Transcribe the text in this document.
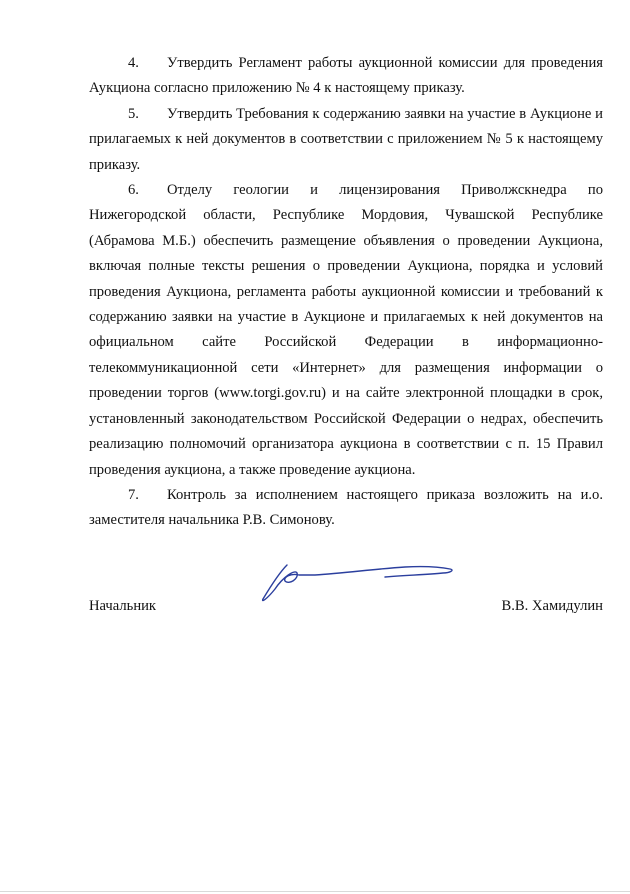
4. Утвердить Регламент работы аукционной комиссии для проведения Аукциона согласно приложению № 4 к настоящему приказу.

5. Утвердить Требования к содержанию заявки на участие в Аукционе и прилагаемых к ней документов в соответствии с приложением № 5 к настоящему приказу.

6. Отделу геологии и лицензирования Приволжскнедра по Нижегородской области, Республике Мордовия, Чувашской Республике (Абрамова М.Б.) обеспечить размещение объявления о проведении Аукциона, включая полные тексты решения о проведении Аукциона, порядка и условий проведения Аукциона, регламента работы аукционной комиссии и требований к содержанию заявки на участие в Аукционе и прилагаемых к ней документов на официальном сайте Российской Федерации в информационно-телекоммуникационной сети «Интернет» для размещения информации о проведении торгов (www.torgi.gov.ru) и на сайте электронной площадки в срок, установленный законодательством Российской Федерации о недрах, обеспечить реализацию полномочий организатора аукциона в соответствии с п. 15 Правил проведения аукциона, а также проведение аукциона.

7. Контроль за исполнением настоящего приказа возложить на и.о. заместителя начальника Р.В. Симонову.

Начальник	В.В. Хамидулин
